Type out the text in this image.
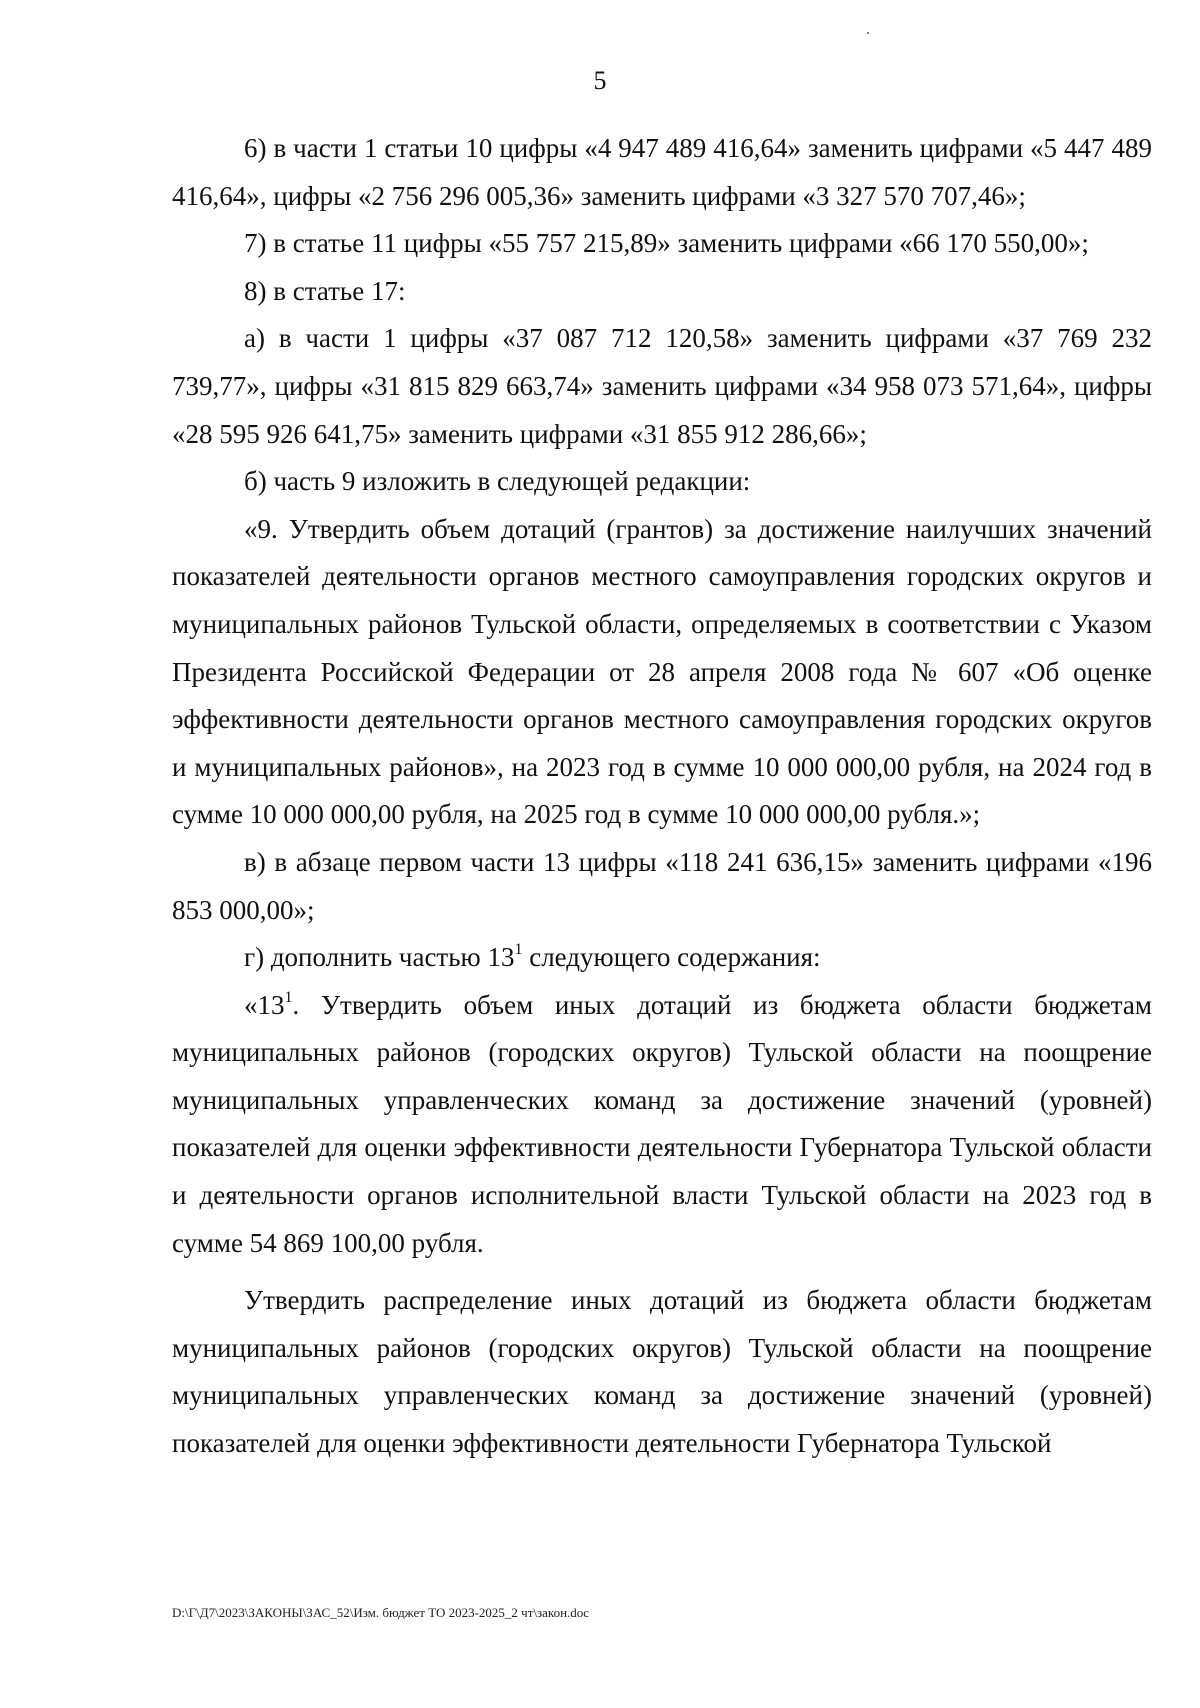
5

6) в части 1 статьи 10 цифры «4 947 489 416,64» заменить цифрами «5 447 489 416,64», цифры «2 756 296 005,36» заменить цифрами «3 327 570 707,46»;

7) в статье 11 цифры «55 757 215,89» заменить цифрами «66 170 550,00»;

8) в статье 17:

а) в части 1 цифры «37 087 712 120,58» заменить цифрами «37 769 232 739,77», цифры «31 815 829 663,74» заменить цифрами «34 958 073 571,64», цифры «28 595 926 641,75» заменить цифрами «31 855 912 286,66»;

б) часть 9 изложить в следующей редакции:

«9. Утвердить объем дотаций (грантов) за достижение наилучших значений показателей деятельности органов местного самоуправления городских округов и муниципальных районов Тульской области, определяемых в соответствии с Указом Президента Российской Федерации от 28 апреля 2008 года № 607 «Об оценке эффективности деятельности органов местного самоуправления городских округов и муниципальных районов», на 2023 год в сумме 10 000 000,00 рубля, на 2024 год в сумме 10 000 000,00 рубля, на 2025 год в сумме 10 000 000,00 рубля.»;

в) в абзаце первом части 13 цифры «118 241 636,15» заменить цифрами «196 853 000,00»;

г) дополнить частью $13^1$ следующего содержания:

«$13^1$. Утвердить объем иных дотаций из бюджета области бюджетам муниципальных районов (городских округов) Тульской области на поощрение муниципальных управленческих команд за достижение значений (уровней) показателей для оценки эффективности деятельности Губернатора Тульской области и деятельности органов исполнительной власти Тульской области на 2023 год в сумме 54 869 100,00 рубля.

Утвердить распределение иных дотаций из бюджета области бюджетам муниципальных районов (городских округов) Тульской области на поощрение муниципальных управленческих команд за достижение значений (уровней) показателей для оценки эффективности деятельности Губернатора Тульской

D:\Г\Д7\2023\ЗАКОНЫ\ЗАС_52\Изм. бюджет ТО 2023-2025_2 чт\закон.doc
